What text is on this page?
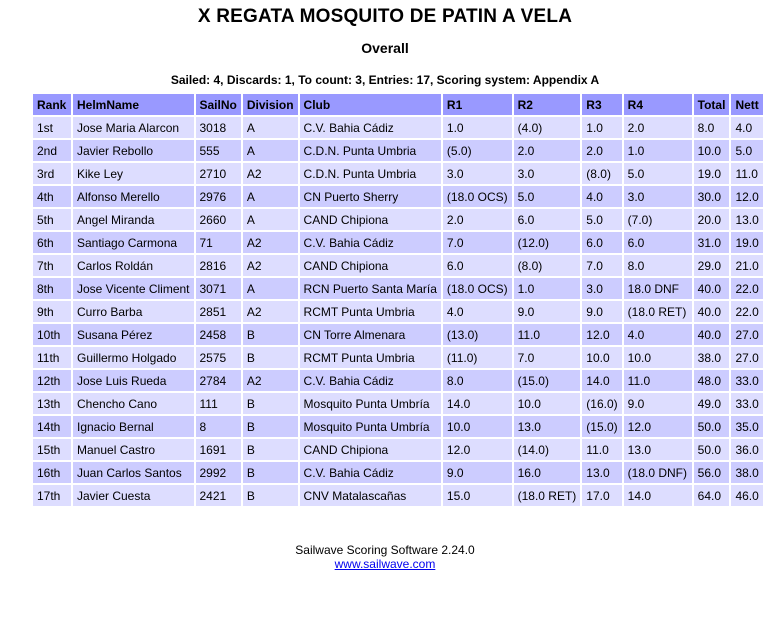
X REGATA MOSQUITO DE PATIN A VELA
Overall
Sailed: 4, Discards: 1, To count: 3, Entries: 17, Scoring system: Appendix A
Rank	HelmName	SailNo	Division	Club	R1	R2	R3	R4	Total	Nett
1st	Jose Maria Alarcon	3018	A	C.V. Bahia Cádiz	1.0	(4.0)	1.0	2.0	8.0	4.0
2nd	Javier Rebollo	555	A	C.D.N. Punta Umbria	(5.0)	2.0	2.0	1.0	10.0	5.0
3rd	Kike Ley	2710	A2	C.D.N. Punta Umbria	3.0	3.0	(8.0)	5.0	19.0	11.0
4th	Alfonso Merello	2976	A	CN Puerto Sherry	(18.0 OCS)	5.0	4.0	3.0	30.0	12.0
5th	Angel Miranda	2660	A	CAND Chipiona	2.0	6.0	5.0	(7.0)	20.0	13.0
6th	Santiago Carmona	71	A2	C.V. Bahia Cádiz	7.0	(12.0)	6.0	6.0	31.0	19.0
7th	Carlos Roldán	2816	A2	CAND Chipiona	6.0	(8.0)	7.0	8.0	29.0	21.0
8th	Jose Vicente Climent	3071	A	RCN Puerto Santa María	(18.0 OCS)	1.0	3.0	18.0 DNF	40.0	22.0
9th	Curro Barba	2851	A2	RCMT Punta Umbria	4.0	9.0	9.0	(18.0 RET)	40.0	22.0
10th	Susana Pérez	2458	B	CN Torre Almenara	(13.0)	11.0	12.0	4.0	40.0	27.0
11th	Guillermo Holgado	2575	B	RCMT Punta Umbria	(11.0)	7.0	10.0	10.0	38.0	27.0
12th	Jose Luis Rueda	2784	A2	C.V. Bahia Cádiz	8.0	(15.0)	14.0	11.0	48.0	33.0
13th	Chencho Cano	111	B	Mosquito Punta Umbría	14.0	10.0	(16.0)	9.0	49.0	33.0
14th	Ignacio Bernal	8	B	Mosquito Punta Umbría	10.0	13.0	(15.0)	12.0	50.0	35.0
15th	Manuel Castro	1691	B	CAND Chipiona	12.0	(14.0)	11.0	13.0	50.0	36.0
16th	Juan Carlos Santos	2992	B	C.V. Bahia Cádiz	9.0	16.0	13.0	(18.0 DNF)	56.0	38.0
17th	Javier Cuesta	2421	B	CNV Matalascañas	15.0	(18.0 RET)	17.0	14.0	64.0	46.0
Sailwave Scoring Software 2.24.0
www.sailwave.com
